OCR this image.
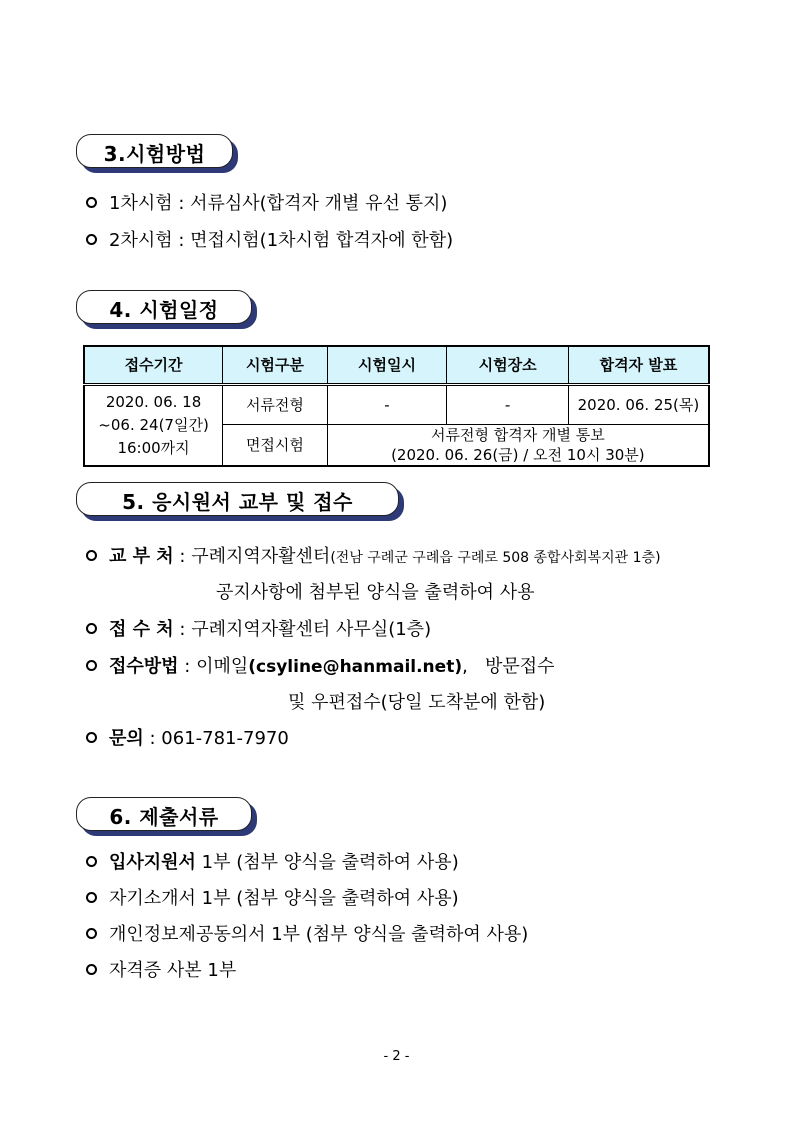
3.시험방법
1차시험 : 서류심사(합격자 개별 유선 통지)
2차시험 : 면접시험(1차시험 합격자에 한함)
4. 시험일정
접수기간	시험구분	시험일시	시험장소	합격자 발표

2020. 06. 18
~06. 24(7일간)
16:00까지	서류전형	-	-	2020. 06. 25(목)
	면접시험	서류전형 합격자 개별 통보
(2020. 06. 26(금) / 오전 10시 30분)		
5. 응시원서 교부 및 접수
교 부 처 : 구례지역자활센터 (전남 구례군 구례읍 구례로 508 종합사회복지관 1층)
공지사항에 첨부된 양식을 출력하여 사용
접 수 처 : 구례지역자활센터 사무실(1층)
접수방법 : 이메일 (csyline@hanmail.net) ,   방문접수
및 우편접수(당일 도착분에 한함)
문의 : 061-781-7970
6. 제출서류
입사지원서 1부 (첨부 양식을 출력하여 사용)
자기소개서 1부 (첨부 양식을 출력하여 사용)
개인정보제공동의서 1부 (첨부 양식을 출력하여 사용)
자격증 사본 1부
- 2 -
